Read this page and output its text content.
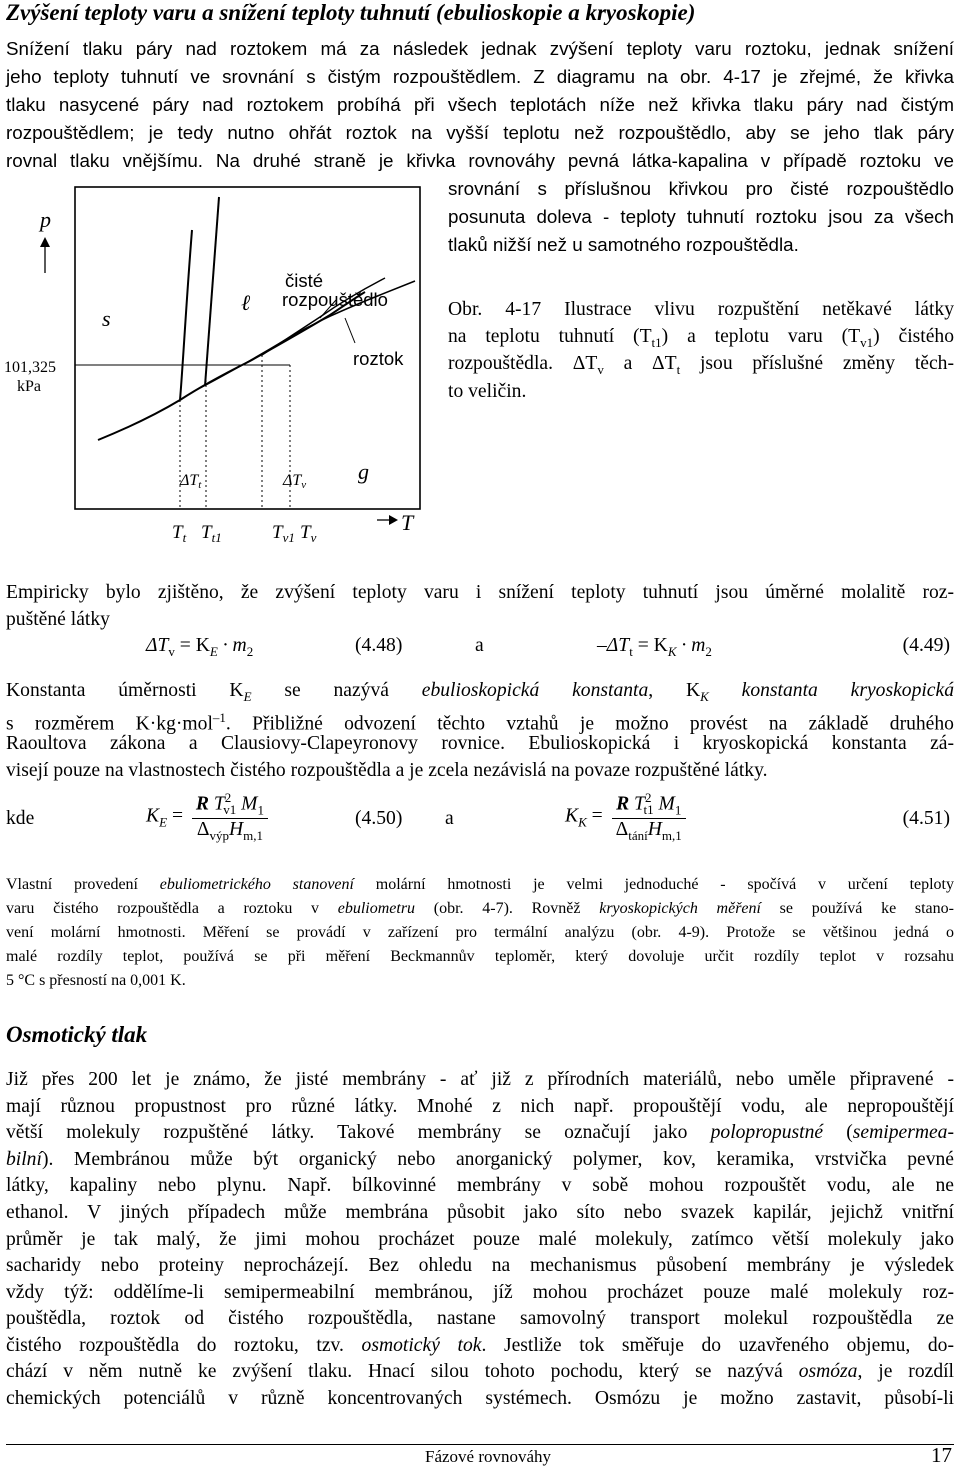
Zvýšení teploty varu a snížení teploty tuhnutí (ebulioskopie a kryoskopie)
Snížení tlaku páry nad roztokem má za následek jednak zvýšení teploty varu roztoku, jednak snížení
jeho teploty tuhnutí ve srovnání s čistým rozpouštědlem. Z diagramu na obr. 4-17 je zřejmé, že křivka
tlaku nasycené páry nad roztokem probíhá při všech teplotách níže než křivka tlaku páry nad čistým
rozpouštědlem; je tedy nutno ohřát roztok na vyšší teplotu než rozpouštědlo, aby se jeho tlak páry
rovnal tlaku vnějšímu. Na druhé straně je křivka rovnováhy pevná látka-kapalina v případě roztoku ve
srovnání s příslušnou křivkou pro čisté rozpouštědlo
posunuta doleva - teploty tuhnutí roztoku jsou za všech
tlaků nižší než u samotného rozpouštědla.
p
101,325
kPa
s
ℓ
čisté
rozpouštědlo
roztok
g
ΔTt	ΔTv
$T_t$ $T_{t1}$	$T_{v1}$ $T_v$
T
Obr. 4-17 Ilustrace vlivu rozpuštění netěkavé látky
na teplotu tuhnutí $(T_{t1})$ a teplotu varu $(T_{v1})$ čistého
rozpouštědla. $\Delta T_v$ a $\Delta T_t$ jsou příslušné změny těch-
to veličin.
Empiricky bylo zjištěno, že zvýšení teploty varu i snížení teploty tuhnutí jsou úměrné molalitě roz-
puštěné látky
$\Delta T_v = K_E \cdot m_2$	(4.48)	a	$-\Delta T_t = K_K \cdot m_2$	(4.49)
Konstanta úměrnosti $K_E$ se nazývá ebulioskopická konstanta, $K_K$ konstanta kryoskopická
s rozměrem K·kg·mol$^{-1}$. Přibližné odvození těchto vztahů je možno provést na základě druhého
Raoultova zákona a Clausiovy-Clapeyronovy rovnice. Ebulioskopická i kryoskopická konstanta zá-
visejí pouze na vlastnostech čistého rozpouštědla a je zcela nezávislá na povaze rozpuštěné látky.
kde	$K_E = \frac{R T^2_{v1} M_1}{\Delta_{výp}H_{m,1}}$	(4.50) a	$K_K = \frac{R T^2_{t1} M_1}{\Delta_{tání}H_{m,1}}$	(4.51)
Vlastní provedení ebuliometrického stanovení molární hmotnosti je velmi jednoduché - spočívá v určení teploty
varu čistého rozpouštědla a roztoku v ebuliometru (obr. 4-7). Rovněž kryoskopických měření se používá ke stano-
vení molární hmotnosti. Měření se provádí v zařízení pro termální analýzu (obr. 4-9). Protože se většinou jedná o
malé rozdíly teplot, používá se při měření Beckmannův teploměr, který dovoluje určit rozdíly teplot v rozsahu
5 °C s přesností na 0,001 K.
Osmotický tlak
Již přes 200 let je známo, že jisté membrány - ať již z přírodních materiálů, nebo uměle připravené -
mají různou propustnost pro různé látky. Mnohé z nich např. propouštějí vodu, ale nepropouštějí
větší molekuly rozpuštěné látky. Takové membrány se označují jako polopropustné (semipermea-
bilní). Membránou může být organický nebo anorganický polymer, kov, keramika, vrstvička pevné
látky, kapaliny nebo plynu. Např. bílkovinné membrány v sobě mohou rozpouštět vodu, ale ne
ethanol. V jiných případech může membrána působit jako síto nebo svazek kapilár, jejichž vnitřní
průměr je tak malý, že jimi mohou procházet pouze malé molekuly, zatímco větší molekuly jako
sacharidy nebo proteiny neprocházejí. Bez ohledu na mechanismus působení membrány je výsledek
vždy týž: oddělíme-li semipermeabilní membránou, jíž mohou procházet pouze malé molekuly roz-
pouštědla, roztok od čistého rozpouštědla, nastane samovolný transport molekul rozpouštědla ze
čistého rozpouštědla do roztoku, tzv. osmotický tok. Jestliže tok směřuje do uzavřeného objemu, do-
chází v něm nutně ke zvýšení tlaku. Hnací silou tohoto pochodu, který se nazývá osmóza, je rozdíl
chemických potenciálů v různě koncentrovaných systémech. Osmózu je možno zastavit, působí-li
Fázové rovnováhy	17
